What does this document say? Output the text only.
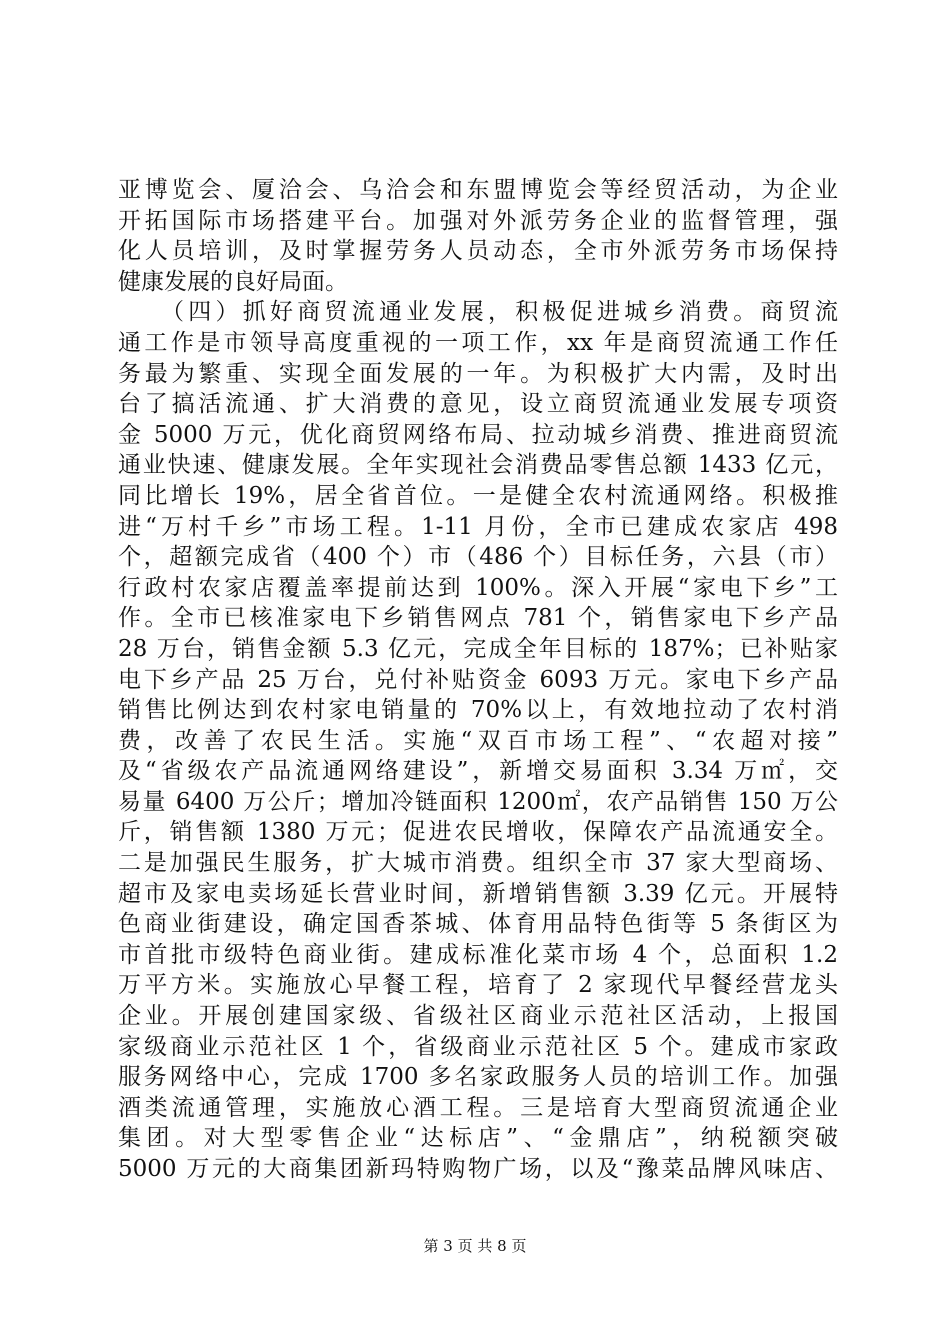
亚博览会、厦洽会、乌洽会和东盟博览会等经贸活动，为企业
开拓国际市场搭建平台。加强对外派劳务企业的监督管理，强
化人员培训，及时掌握劳务人员动态，全市外派劳务市场保持
健康发展的良好局面。
　　（四）抓好商贸流通业发展，积极促进城乡消费。商贸流
通工作是市领导高度重视的一项工作，xx 年是商贸流通工作任
务最为繁重、实现全面发展的一年。为积极扩大内需，及时出
台了搞活流通、扩大消费的意见，设立商贸流通业发展专项资
金 5000 万元，优化商贸网络布局、拉动城乡消费、推进商贸流
通业快速、健康发展。全年实现社会消费品零售总额 1433 亿元，
同比增长 19%，居全省首位。一是健全农村流通网络。积极推
进“万村千乡”市场工程。1-11 月份，全市已建成农家店 498
个，超额完成省（400 个）市（486 个）目标任务，六县（市）
行政村农家店覆盖率提前达到 100%。深入开展“家电下乡”工
作。全市已核准家电下乡销售网点 781 个，销售家电下乡产品
28 万台，销售金额 5.3 亿元，完成全年目标的 187%；已补贴家
电下乡产品 25 万台，兑付补贴资金 6093 万元。家电下乡产品
销售比例达到农村家电销量的 70%以上，有效地拉动了农村消
费，改善了农民生活。实施“双百市场工程”、“农超对接”
及“省级农产品流通网络建设”，新增交易面积 3.34 万㎡，交
易量 6400 万公斤；增加冷链面积 1200㎡，农产品销售 150 万公
斤，销售额 1380 万元；促进农民增收，保障农产品流通安全。
二是加强民生服务，扩大城市消费。组织全市 37 家大型商场、
超市及家电卖场延长营业时间，新增销售额 3.39 亿元。开展特
色商业街建设，确定国香茶城、体育用品特色街等 5 条街区为
市首批市级特色商业街。建成标准化菜市场 4 个，总面积 1.2
万平方米。实施放心早餐工程，培育了 2 家现代早餐经营龙头
企业。开展创建国家级、省级社区商业示范社区活动，上报国
家级商业示范社区 1 个，省级商业示范社区 5 个。建成市家政
服务网络中心，完成 1700 多名家政服务人员的培训工作。加强
酒类流通管理，实施放心酒工程。三是培育大型商贸流通企业
集团。对大型零售企业“达标店”、“金鼎店”，纳税额突破
5000 万元的大商集团新玛特购物广场，以及“豫菜品牌风味店、
第 3 页 共 8 页
